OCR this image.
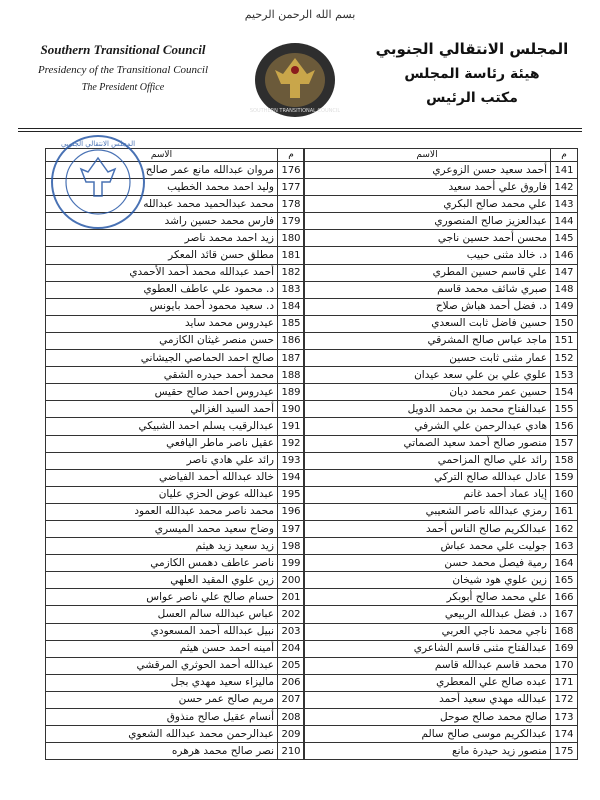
بسم الله الرحمن الرحيم
Southern Transitional Council
Presidency of the Transitional Council
The President Office
SOUTHERN TRANSITIONAL COUNCIL
المجلس الانتقالي الجنوبي
هيئة رئاسة المجلس
مكتب الرئيس
م	الاسم
141	أحمد سعيد حسن الزوعري
142	فاروق علي أحمد سعيد
143	علي محمد صالح البكري
144	عبدالعزيز صالح المنصوري
145	محسن أحمد حسين ناجي
146	د. خالد مثنى حبيب
147	علي قاسم حسين المطري
148	صبري شائف محمد قاسم
149	د. فضل أحمد هباش صلاح
150	حسين فاضل ثابت السعدي
151	ماجد عباس صالح المشرقي
152	عمار مثنى ثابت حسين
153	علوي علي بن علي سعد عيدان
154	حسين عمر محمد ديان
155	عبدالفتاح محمد بن محمد الدويل
156	هادي عبدالرحمن علي الشرفي
157	منصور صالح أحمد سعيد الصماتي
158	رائد علي صالح المزاحمي
159	عادل عبدالله صالح التركي
160	إياد عماد أحمد غانم
161	رمزي عبدالله ناصر الشعيبي
162	عبدالكريم صالح الناس أحمد
163	جوليت علي محمد عباش
164	رمية فيصل محمد حسن
165	زين علوي هود شيخان
166	علي محمد صالح أبوبكر
167	د. فضل عبدالله الربيعي
168	ناجي محمد ناجي العربي
169	عبدالفتاح مثنى قاسم الشاعري
170	محمد قاسم عبدالله قاسم
171	عبده صالح علي المعطري
172	عبدالله مهدي سعيد أحمد
173	صالح محمد صالح صوحل
174	عبدالكريم موسى صالح سالم
175	منصور زيد حيدرة مانع
م	الاسم
176	مروان عبدالله مانع عمر صالح
177	وليد احمد محمد الخطيب
178	محمد عبدالحميد محمد عبدالله
179	فارس محمد حسين راشد
180	زيد احمد محمد ناصر
181	مطلق حسن قائد المعكر
182	أحمد عبدالله محمد أحمد الأحمدي
183	د. محمود علي عاطف العطوي
184	د. سعيد محمود أحمد بايونس
185	عيدروس محمد سايد
186	حسن منصر غيثان الكازمي
187	صالح احمد الحماصي الجيشاني
188	محمد أحمد حيدره الشقي
189	عيدروس احمد صالح حقيس
190	أحمد السيد الغزالي
191	عبدالرقيب يسلم احمد الشبيكي
192	عقيل ناصر ماطر اليافعي
193	رائد علي هادي ناصر
194	خالد عبدالله أحمد الفياضي
195	عبدالله عوض الحزي عليان
196	محمد ناصر محمد عبدالله العمود
197	وضاح سعيد محمد الميسري
198	زيد سعيد زيد هيثم
199	ناصر عاطف دهمس الكازمي
200	زين علوي المقيد العلهي
201	حسام صالح علي ناصر عواس
202	عباس عبدالله سالم العسل
203	نبيل عبدالله أحمد المسعودي
204	أمينه احمد حسن هيثم
205	عبدالله أحمد الحوثري المرقشي
206	ماليزاء سعيد مهدي بجل
207	مريم صالح عمر حسن
208	أنسام عقيل صالح منذوق
209	عبدالرحمن محمد عبدالله الشعوي
210	نصر صالح محمد هرهره
المجلس الانتقالي الجنوبي
